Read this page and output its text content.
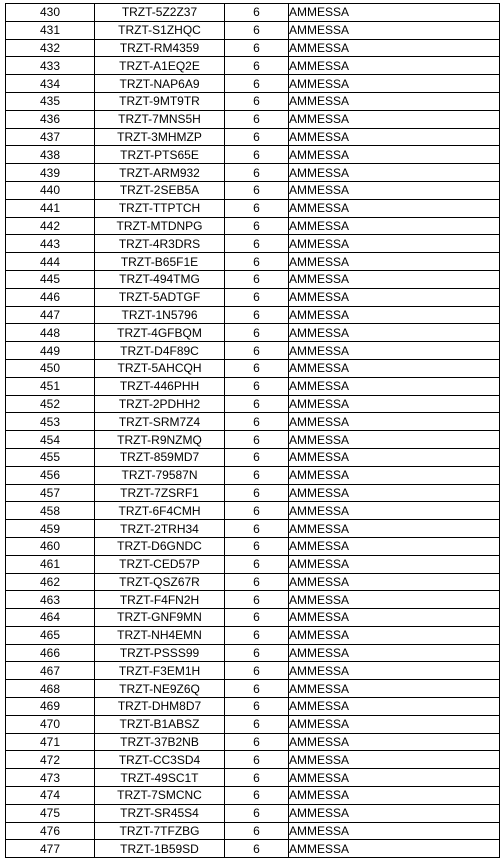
430	TRZT-5Z2Z37	6	AMMESSA
431	TRZT-S1ZHQC	6	AMMESSA
432	TRZT-RM4359	6	AMMESSA
433	TRZT-A1EQ2E	6	AMMESSA
434	TRZT-NAP6A9	6	AMMESSA
435	TRZT-9MT9TR	6	AMMESSA
436	TRZT-7MNS5H	6	AMMESSA
437	TRZT-3MHMZP	6	AMMESSA
438	TRZT-PTS65E	6	AMMESSA
439	TRZT-ARM932	6	AMMESSA
440	TRZT-2SEB5A	6	AMMESSA
441	TRZT-TTPTCH	6	AMMESSA
442	TRZT-MTDNPG	6	AMMESSA
443	TRZT-4R3DRS	6	AMMESSA
444	TRZT-B65F1E	6	AMMESSA
445	TRZT-494TMG	6	AMMESSA
446	TRZT-5ADTGF	6	AMMESSA
447	TRZT-1N5796	6	AMMESSA
448	TRZT-4GFBQM	6	AMMESSA
449	TRZT-D4F89C	6	AMMESSA
450	TRZT-5AHCQH	6	AMMESSA
451	TRZT-446PHH	6	AMMESSA
452	TRZT-2PDHH2	6	AMMESSA
453	TRZT-SRM7Z4	6	AMMESSA
454	TRZT-R9NZMQ	6	AMMESSA
455	TRZT-859MD7	6	AMMESSA
456	TRZT-79587N	6	AMMESSA
457	TRZT-7ZSRF1	6	AMMESSA
458	TRZT-6F4CMH	6	AMMESSA
459	TRZT-2TRH34	6	AMMESSA
460	TRZT-D6GNDC	6	AMMESSA
461	TRZT-CED57P	6	AMMESSA
462	TRZT-QSZ67R	6	AMMESSA
463	TRZT-F4FN2H	6	AMMESSA
464	TRZT-GNF9MN	6	AMMESSA
465	TRZT-NH4EMN	6	AMMESSA
466	TRZT-PSSS99	6	AMMESSA
467	TRZT-F3EM1H	6	AMMESSA
468	TRZT-NE9Z6Q	6	AMMESSA
469	TRZT-DHM8D7	6	AMMESSA
470	TRZT-B1ABSZ	6	AMMESSA
471	TRZT-37B2NB	6	AMMESSA
472	TRZT-CC3SD4	6	AMMESSA
473	TRZT-49SC1T	6	AMMESSA
474	TRZT-7SMCNC	6	AMMESSA
475	TRZT-SR45S4	6	AMMESSA
476	TRZT-7TFZBG	6	AMMESSA
477	TRZT-1B59SD	6	AMMESSA
